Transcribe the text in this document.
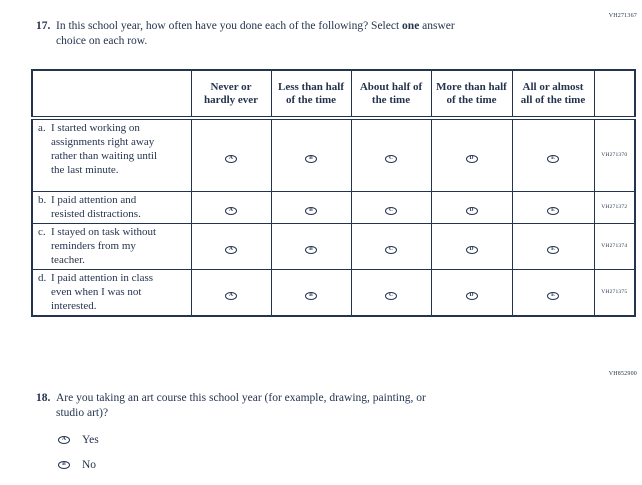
VH271367
17. In this school year, how often have you done each of the following? Select one answer
choice on each row.
	Never or hardly ever	Less than half of the time	About half of the time	More than half of the time	All or almost all of the time	
a. I started working on assignments right away rather than waiting until the last minute.	A	B	C	D	E	VH271370
b. I paid attention and resisted distractions.	A	B	C	D	E	VH271372
c. I stayed on task without reminders from my teacher.	A	B	C	D	E	VH271374
d. I paid attention in class even when I was not interested.	A	B	C	D	E	VH271375
VH852900
18. Are you taking an art course this school year (for example, drawing, painting, or
studio art)?
A	Yes
B	No
